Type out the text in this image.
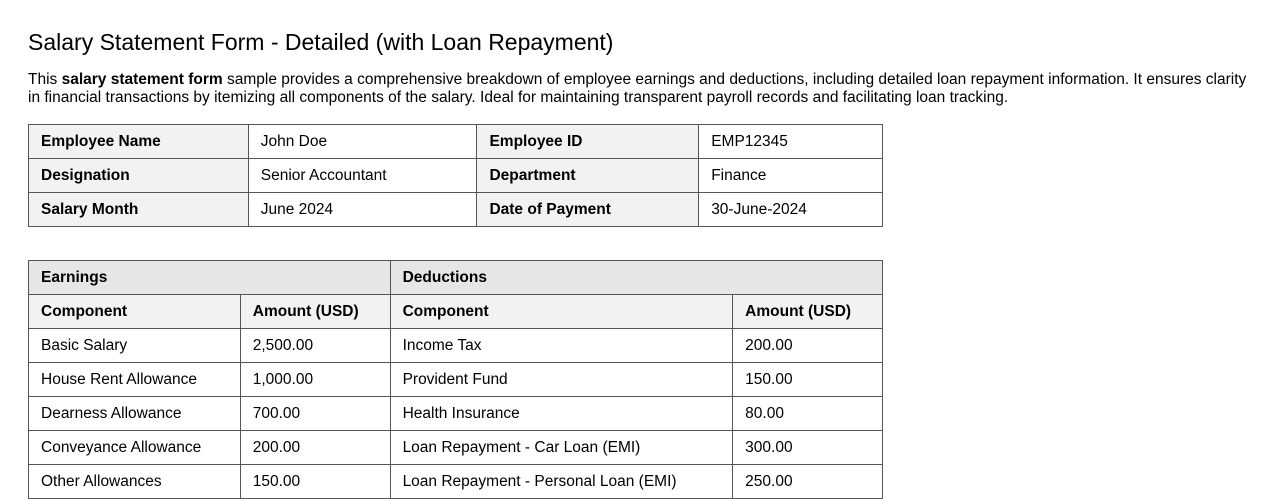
Salary Statement Form - Detailed (with Loan Repayment)

This salary statement form sample provides a comprehensive breakdown of employee earnings and deductions, including detailed loan repayment information. It ensures clarity in financial transactions by itemizing all components of the salary. Ideal for maintaining transparent payroll records and facilitating loan tracking.

Employee Name	John Doe	Employee ID	EMP12345
Designation	Senior Accountant	Department	Finance
Salary Month	June 2024	Date of Payment	30-June-2024
Earnings		Deductions	
Component	Amount (USD)	Component	Amount (USD)
Basic Salary	2,500.00	Income Tax	200.00
House Rent Allowance	1,000.00	Provident Fund	150.00
Dearness Allowance	700.00	Health Insurance	80.00
Conveyance Allowance	200.00	Loan Repayment - Car Loan (EMI)	300.00
Other Allowances	150.00	Loan Repayment - Personal Loan (EMI)	250.00
